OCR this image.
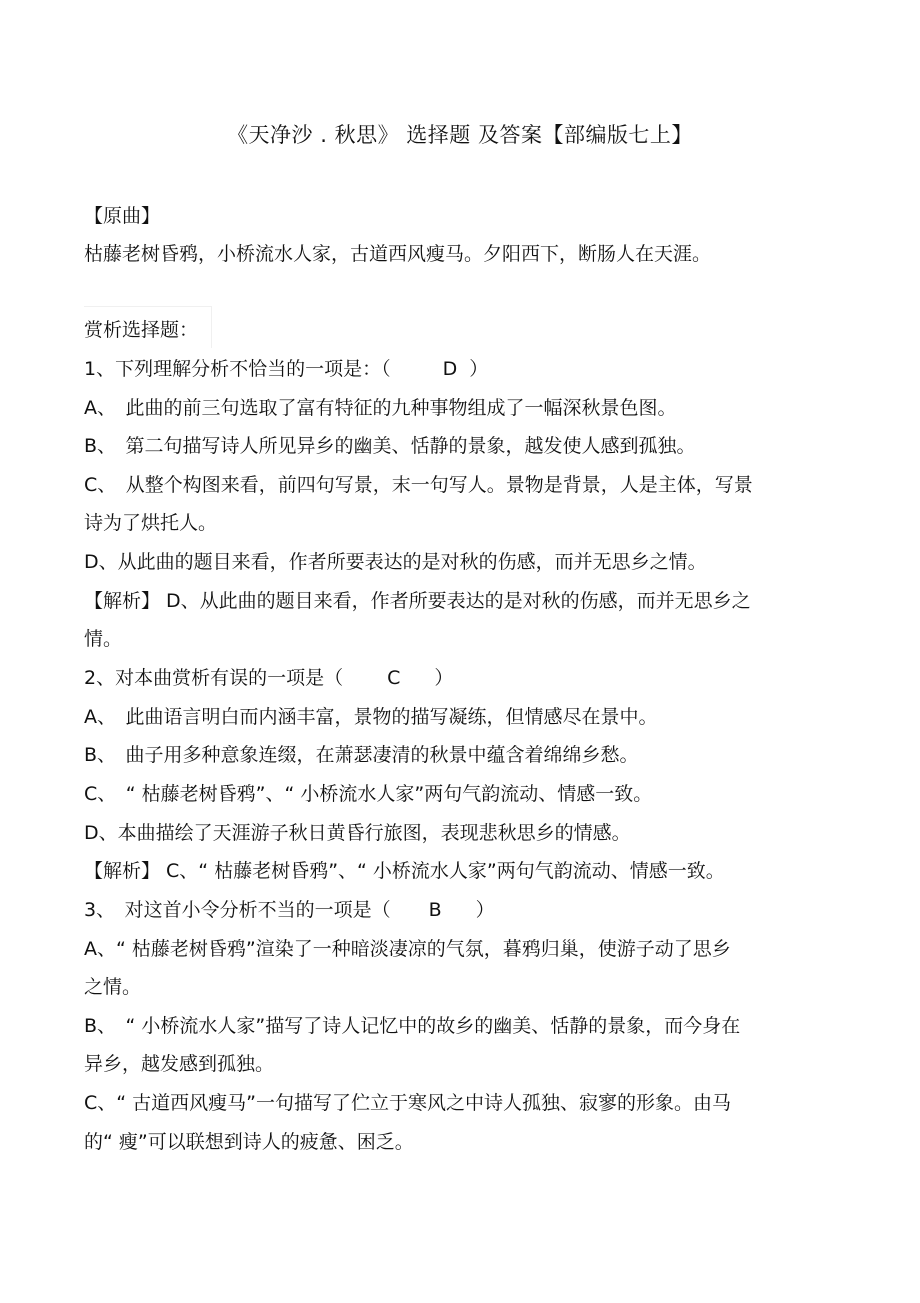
《天净沙 . 秋思》 选择题 及答案【部编版七上】
【原曲】
枯藤老树昏鸦，小桥流水人家，古道西风瘦马。夕阳西下，断肠人在天涯。
赏析选择题：
1、下列理解分析不恰当的一项是：（	D ）
A、　此曲的前三句选取了富有特征的九种事物组成了一幅深秋景色图。
B、　第二句描写诗人所见异乡的幽美、恬静的景象，越发使人感到孤独。
C、　从整个构图来看，前四句写景，末一句写人。景物是背景，人是主体，写景
诗为了烘托人。
D、从此曲的题目来看，作者所要表达的是对秋的伤感，而并无思乡之情。
【解析】 D、从此曲的题目来看，作者所要表达的是对秋的伤感，而并无思乡之
情。
2、对本曲赏析有误的一项是（ C ）
A、　此曲语言明白而内涵丰富，景物的描写凝练，但情感尽在景中。
B、　曲子用多种意象连缀，在萧瑟凄清的秋景中蕴含着绵绵乡愁。
C、　“ 枯藤老树昏鸦”、“ 小桥流水人家”两句气韵流动、情感一致。
D、本曲描绘了天涯游子秋日黄昏行旅图，表现悲秋思乡的情感。
【解析】 C、“ 枯藤老树昏鸦”、“ 小桥流水人家”两句气韵流动、情感一致。
3、　对这首小令分析不当的一项是（ B ）
A、“ 枯藤老树昏鸦”渲染了一种暗淡凄凉的气氛，暮鸦归巢，使游子动了思乡
之情。
B、　“ 小桥流水人家”描写了诗人记忆中的故乡的幽美、恬静的景象，而今身在
异乡，越发感到孤独。
C、“ 古道西风瘦马”一句描写了伫立于寒风之中诗人孤独、寂寥的形象。由马
的“ 瘦”可以联想到诗人的疲惫、困乏。
